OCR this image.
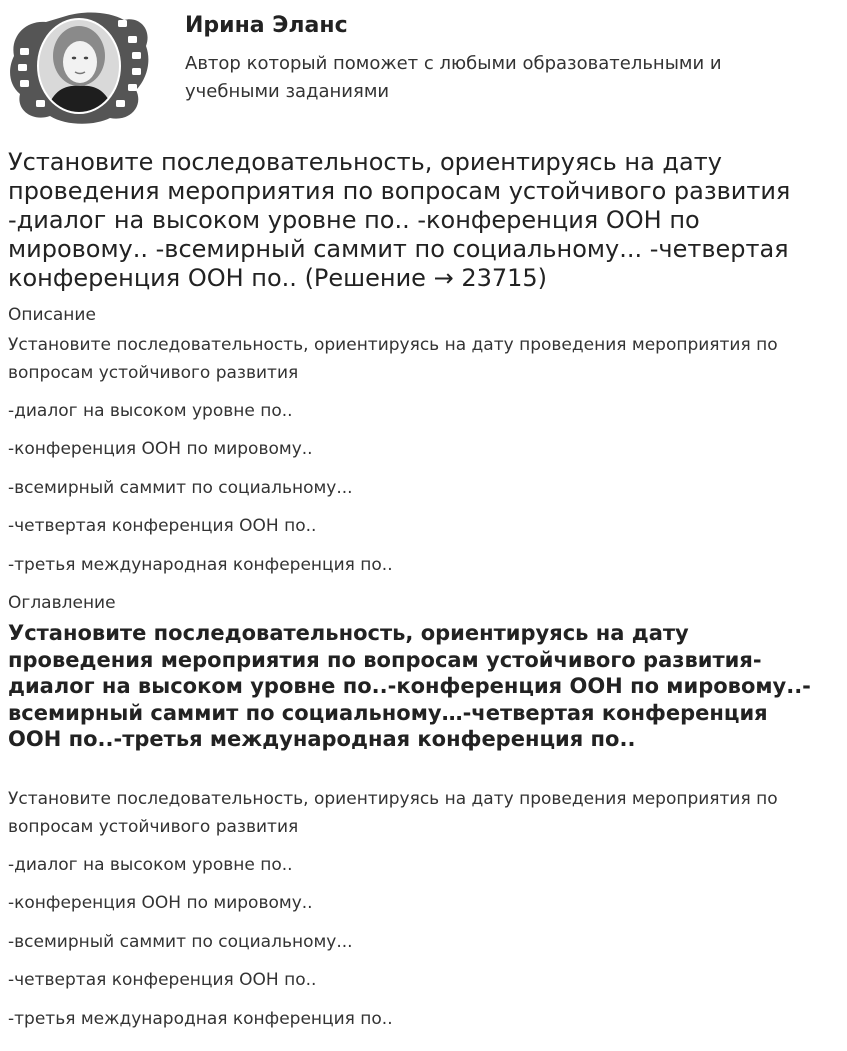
Ирина Эланс
Автор который поможет с любыми образовательными и учебными заданиями
Установите последовательность, ориентируясь на дату проведения мероприятия по вопросам устойчивого развития -диалог на высоком уровне по.. -конференция ООН по мировому.. -всемирный саммит по социальному... -четвертая конференция ООН по.. (Решение → 23715)
Описание

Установите последовательность, ориентируясь на дату проведения мероприятия по вопросам устойчивого развития

-диалог на высоком уровне по..
-конференция ООН по мировому..
-всемирный саммит по социальному...
-четвертая конференция ООН по..
-третья международная конференция по..
Оглавление
Установите последовательность, ориентируясь на дату проведения мероприятия по вопросам устойчивого развития-диалог на высоком уровне по..-конференция ООН по мировому..-всемирный саммит по социальному…-четвертая конференция ООН по..-третья международная конференция по..

Установите последовательность, ориентируясь на дату проведения мероприятия по вопросам устойчивого развития

-диалог на высоком уровне по..
-конференция ООН по мировому..
-всемирный саммит по социальному...
-четвертая конференция ООН по..
-третья международная конференция по..
